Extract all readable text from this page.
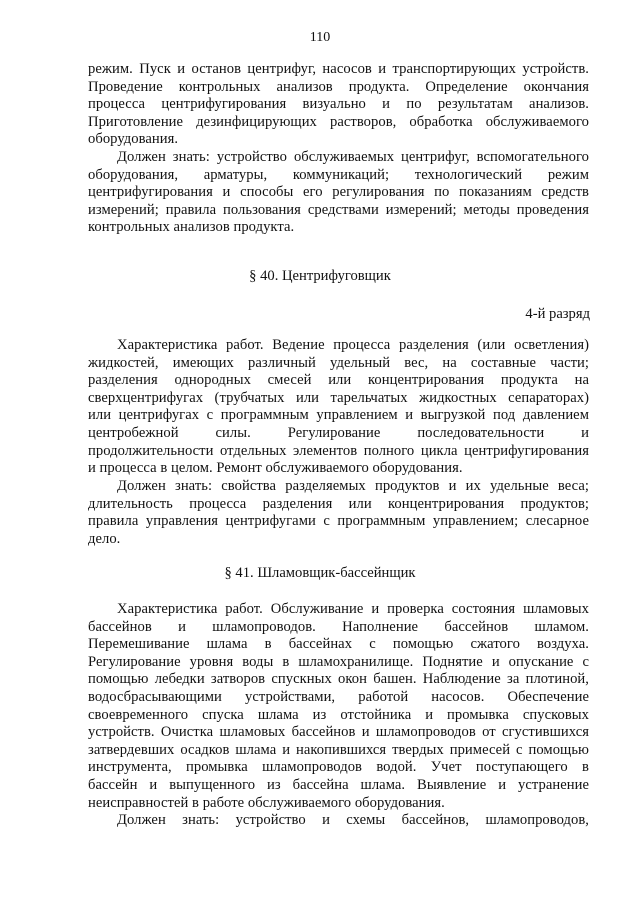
110
режим. Пуск и останов центрифуг, насосов и транспортирующих устройств.
Проведение контрольных анализов продукта. Определение окончания
процесса центрифугирования визуально и по результатам анализов.
Приготовление дезинфицирующих растворов, обработка обслуживаемого
оборудования.
Должен знать: устройство обслуживаемых центрифуг, вспомогательного
оборудования, арматуры, коммуникаций; технологический режим
центрифугирования и способы его регулирования по показаниям средств
измерений; правила пользования средствами измерений; методы проведения
контрольных анализов продукта.
§ 40. Центрифуговщик
4-й разряд
Характеристика работ. Ведение процесса разделения (или осветления)
жидкостей, имеющих различный удельный вес, на составные части;
разделения однородных смесей или концентрирования продукта на
сверхцентрифугах (трубчатых или тарельчатых жидкостных сепараторах)
или центрифугах с программным управлением и выгрузкой под давлением
центробежной силы. Регулирование последовательности и
продолжительности отдельных элементов полного цикла центрифугирования
и процесса в целом. Ремонт обслуживаемого оборудования.
Должен знать: свойства разделяемых продуктов и их удельные веса;
длительность процесса разделения или концентрирования продуктов;
правила управления центрифугами с программным управлением; слесарное
дело.
§ 41. Шламовщик-бассейнщик
Характеристика работ. Обслуживание и проверка состояния шламовых
бассейнов и шламопроводов. Наполнение бассейнов шламом.
Перемешивание шлама в бассейнах с помощью сжатого воздуха.
Регулирование уровня воды в шламохранилище. Поднятие и опускание с
помощью лебедки затворов спускных окон башен. Наблюдение за плотиной,
водосбрасывающими устройствами, работой насосов. Обеспечение
своевременного спуска шлама из отстойника и промывка спусковых
устройств. Очистка шламовых бассейнов и шламопроводов от сгустившихся
затвердевших осадков шлама и накопившихся твердых примесей с помощью
инструмента, промывка шламопроводов водой. Учет поступающего в
бассейн и выпущенного из бассейна шлама. Выявление и устранение
неисправностей в работе обслуживаемого оборудования.
Должен знать: устройство и схемы бассейнов, шламопроводов,
